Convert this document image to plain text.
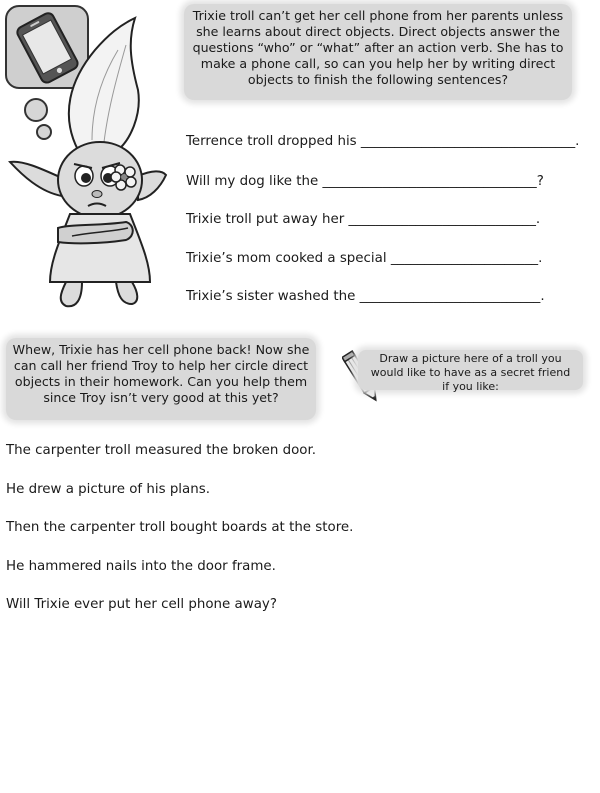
Trixie troll can’t get her cell phone from her parents unless she learns about direct objects. Direct objects answer the questions “who” or “what” after an action verb. She has to make a phone call, so can you help her by writing direct objects to finish the following sentences?

Terrence troll dropped his ________________________________.
Will my dog like the ________________________________?
Trixie troll put away her ____________________________.
Trixie’s mom cooked a special ______________________.
Trixie’s sister washed the ___________________________.

Whew, Trixie has her cell phone back! Now she can call her friend Troy to help her circle direct objects in their homework. Can you help them since Troy isn’t very good at this yet?

Draw a picture here of a troll you would like to have as a secret friend if you like:

The carpenter troll measured the broken door.
He drew a picture of his plans.
Then the carpenter troll bought boards at the store.
He hammered nails into the door frame.
Will Trixie ever put her cell phone away?
